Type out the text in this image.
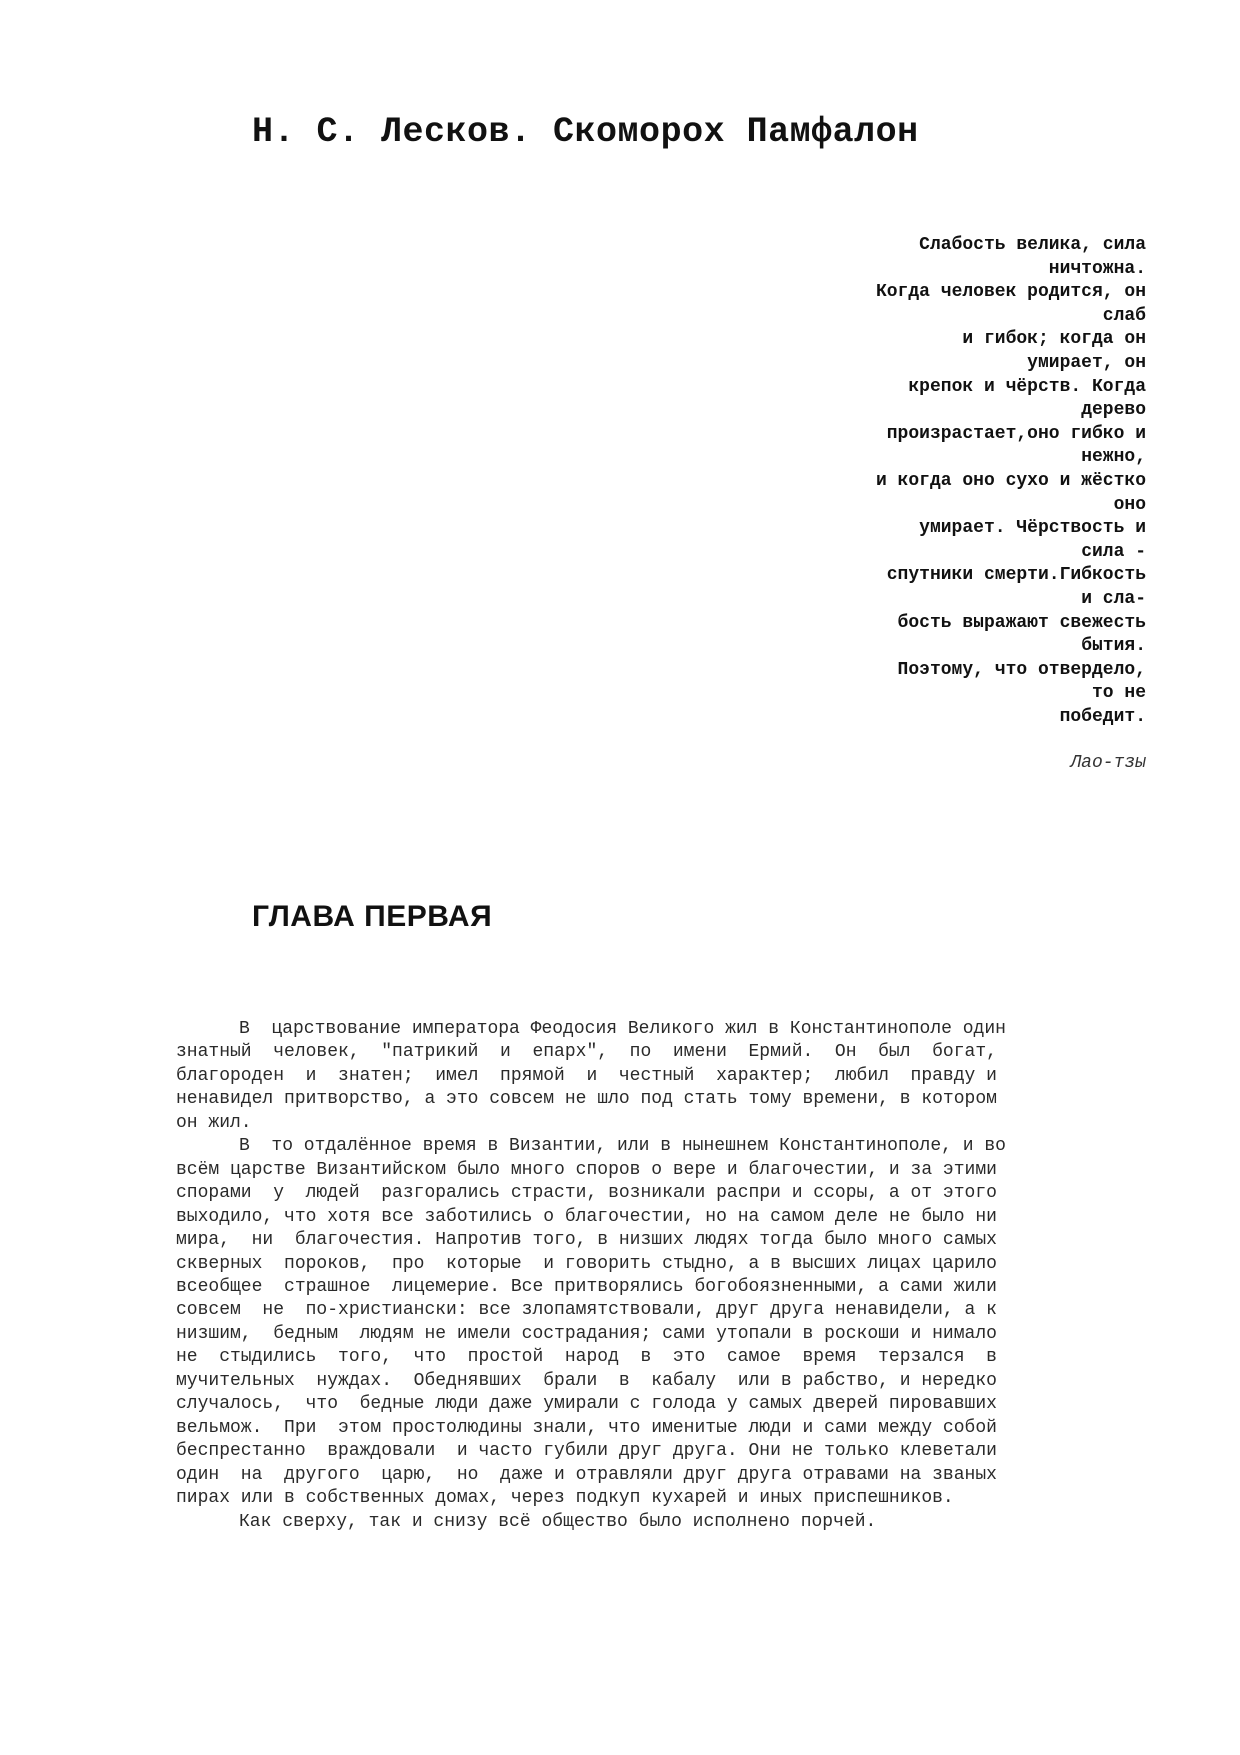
Н. С. Лесков. Скоморох Памфалон
Слабость велика, сила
ничтожна.
Когда человек родится, он
слаб
и гибок; когда он
умирает, он
крепок и чёрств. Когда
дерево
произрастает,оно гибко и
нежно,
и когда оно сухо и жёстко
оно
умирает. Чёрствость и
сила -
спутники смерти.Гибкость
и сла-
бость выражают свежесть
бытия.
Поэтому, что отвердело,
то не
победит.
Лао-тзы
ГЛАВА ПЕРВАЯ
В  царствование императора Феодосия Великого жил в Константинополе один
знатный  человек,  "патрикий  и  епарх",  по  имени  Ермий.  Он  был  богат,
благороден  и  знатен;  имел  прямой  и  честный  характер;  любил  правду и
ненавидел притворство, а это совсем не шло под стать тому времени, в котором
он жил.
В  то отдалённое время в Византии, или в нынешнем Константинополе, и во
всём царстве Византийском было много споров о вере и благочестии, и за этими
спорами  у  людей  разгорались страсти, возникали распри и ссоры, а от этого
выходило, что хотя все заботились о благочестии, но на самом деле не было ни
мира,  ни  благочестия. Напротив того, в низших людях тогда было много самых
скверных  пороков,  про  которые  и говорить стыдно, а в высших лицах царило
всеобщее  страшное  лицемерие. Все притворялись богобоязненными, а сами жили
совсем  не  по-христиански: все злопамятствовали, друг друга ненавидели, а к
низшим,  бедным  людям не имели сострадания; сами утопали в роскоши и нимало
не  стыдились  того,  что  простой  народ  в  это  самое  время  терзался  в
мучительных  нуждах.  Обеднявших  брали  в  кабалу  или в рабство, и нередко
случалось,  что  бедные люди даже умирали с голода у самых дверей пировавших
вельмож.  При  этом простолюдины знали, что именитые люди и сами между собой
беспрестанно  враждовали  и часто губили друг друга. Они не только клеветали
один  на  другого  царю,  но  даже и отравляли друг друга отравами на званых
пирах или в собственных домах, через подкуп кухарей и иных приспешников.
Как сверху, так и снизу всё общество было исполнено порчей.
